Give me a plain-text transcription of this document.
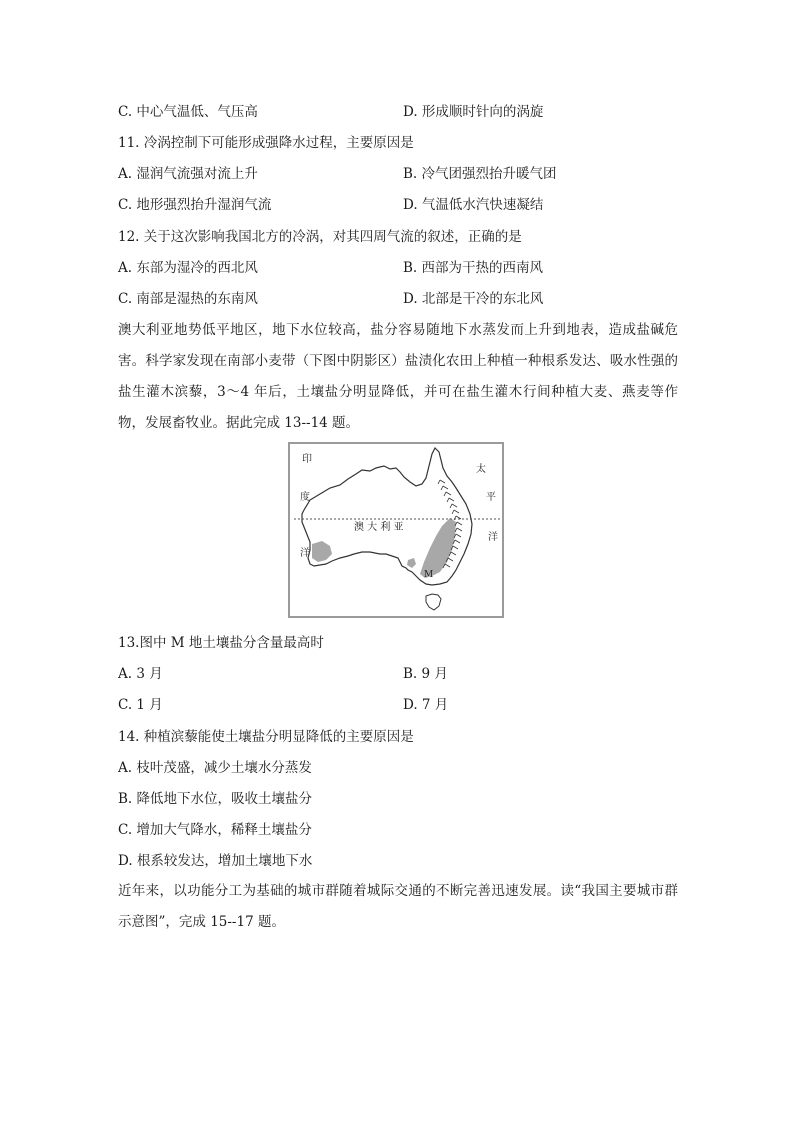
C. 中心气温低、气压高	D. 形成顺时针向的涡旋
11. 冷涡控制下可能形成强降水过程，主要原因是
A. 湿润气流强对流上升	B. 冷气团强烈抬升暖气团
C. 地形强烈抬升湿润气流	D. 气温低水汽快速凝结
12. 关于这次影响我国北方的冷涡，对其四周气流的叙述，正确的是
A. 东部为湿冷的西北风	B. 西部为干热的西南风
C. 南部是湿热的东南风	D. 北部是干冷的东北风
澳大利亚地势低平地区，地下水位较高，盐分容易随地下水蒸发而上升到地表，造成盐碱危害。科学家发现在南部小麦带（下图中阴影区）盐渍化农田上种植一种根系发达、吸水性强的盐生灌木滨藜，3～4 年后，土壤盐分明显降低，并可在盐生灌木行间种植大麦、燕麦等作物，发展畜牧业。据此完成 13--14 题。
印
度
洋
太
平
洋
澳 大 利 亚
M
13.图中 M 地土壤盐分含量最高时
A. 3 月	B. 9 月
C. 1 月	D. 7 月
14. 种植滨藜能使土壤盐分明显降低的主要原因是
A. 枝叶茂盛，减少土壤水分蒸发
B. 降低地下水位，吸收土壤盐分
C. 增加大气降水，稀释土壤盐分
D. 根系较发达，增加土壤地下水
近年来，以功能分工为基础的城市群随着城际交通的不断完善迅速发展。读“我国主要城市群示意图”，完成 15--17 题。
